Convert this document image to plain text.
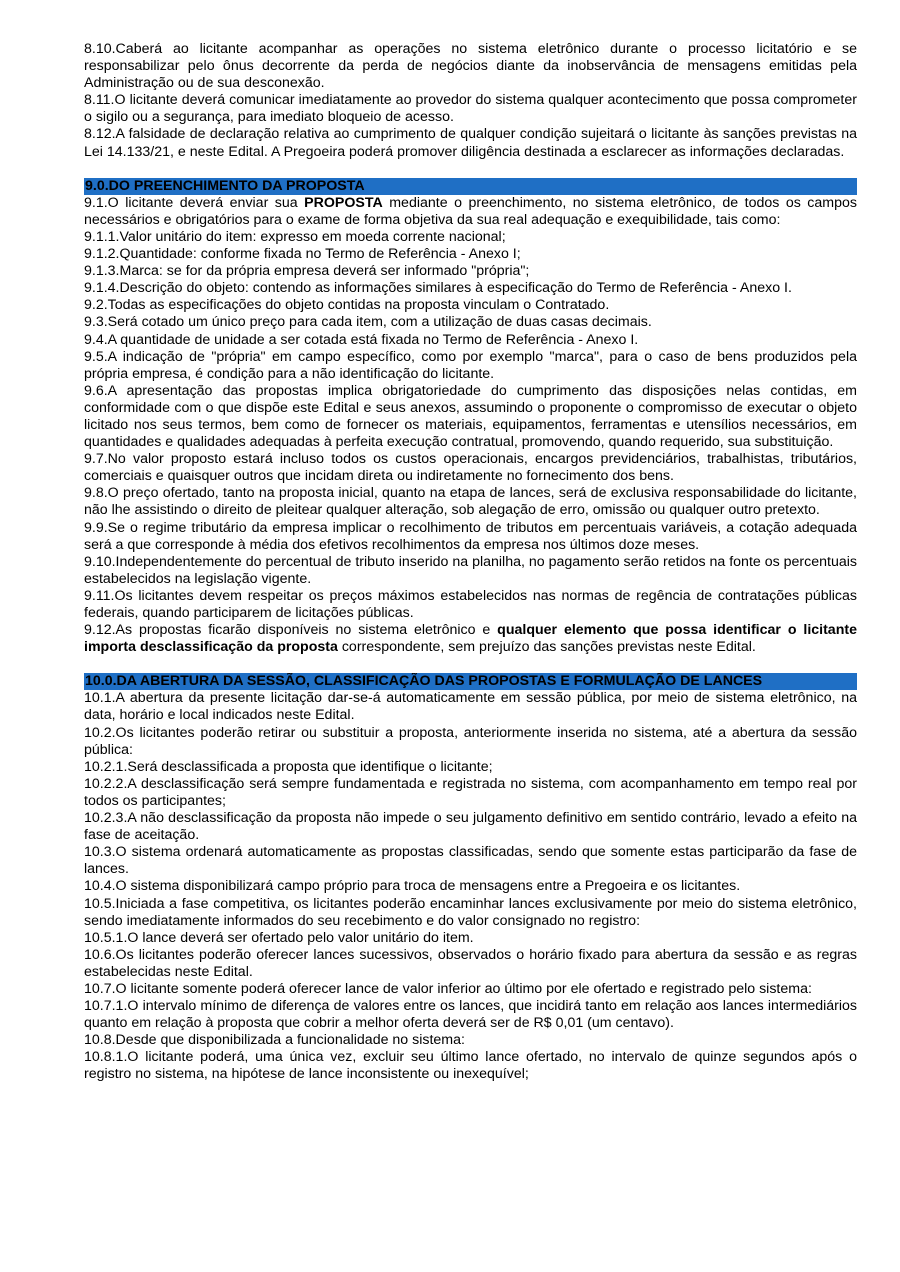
8.10.Caberá ao licitante acompanhar as operações no sistema eletrônico durante o processo licitatório e se responsabilizar pelo ônus decorrente da perda de negócios diante da inobservância de mensagens emitidas pela Administração ou de sua desconexão.

8.11.O licitante deverá comunicar imediatamente ao provedor do sistema qualquer acontecimento que possa comprometer o sigilo ou a segurança, para imediato bloqueio de acesso.

8.12.A falsidade de declaração relativa ao cumprimento de qualquer condição sujeitará o licitante às sanções previstas na Lei 14.133/21, e neste Edital. A Pregoeira poderá promover diligência destinada a esclarecer as informações declaradas.

9.0.DO PREENCHIMENTO DA PROPOSTA

9.1.O licitante deverá enviar sua PROPOSTA mediante o preenchimento, no sistema eletrônico, de todos os campos necessários e obrigatórios para o exame de forma objetiva da sua real adequação e exequibilidade, tais como:

9.1.1.Valor unitário do item: expresso em moeda corrente nacional;

9.1.2.Quantidade: conforme fixada no Termo de Referência - Anexo I;

9.1.3.Marca: se for da própria empresa deverá ser informado "própria";

9.1.4.Descrição do objeto: contendo as informações similares à especificação do Termo de Referência - Anexo I.

9.2.Todas as especificações do objeto contidas na proposta vinculam o Contratado.

9.3.Será cotado um único preço para cada item, com a utilização de duas casas decimais.

9.4.A quantidade de unidade a ser cotada está fixada no Termo de Referência - Anexo I.

9.5.A indicação de "própria" em campo específico, como por exemplo "marca", para o caso de bens produzidos pela própria empresa, é condição para a não identificação do licitante.

9.6.A apresentação das propostas implica obrigatoriedade do cumprimento das disposições nelas contidas, em conformidade com o que dispõe este Edital e seus anexos, assumindo o proponente o compromisso de executar o objeto licitado nos seus termos, bem como de fornecer os materiais, equipamentos, ferramentas e utensílios necessários, em quantidades e qualidades adequadas à perfeita execução contratual, promovendo, quando requerido, sua substituição.

9.7.No valor proposto estará incluso todos os custos operacionais, encargos previdenciários, trabalhistas, tributários, comerciais e quaisquer outros que incidam direta ou indiretamente no fornecimento dos bens.

9.8.O preço ofertado, tanto na proposta inicial, quanto na etapa de lances, será de exclusiva responsabilidade do licitante, não lhe assistindo o direito de pleitear qualquer alteração, sob alegação de erro, omissão ou qualquer outro pretexto.

9.9.Se o regime tributário da empresa implicar o recolhimento de tributos em percentuais variáveis, a cotação adequada será a que corresponde à média dos efetivos recolhimentos da empresa nos últimos doze meses.

9.10.Independentemente do percentual de tributo inserido na planilha, no pagamento serão retidos na fonte os percentuais estabelecidos na legislação vigente.

9.11.Os licitantes devem respeitar os preços máximos estabelecidos nas normas de regência de contratações públicas federais, quando participarem de licitações públicas.

9.12.As propostas ficarão disponíveis no sistema eletrônico e qualquer elemento que possa identificar o licitante importa desclassificação da proposta correspondente, sem prejuízo das sanções previstas neste Edital.

10.0.DA ABERTURA DA SESSÃO, CLASSIFICAÇÃO DAS PROPOSTAS E FORMULAÇÃO DE LANCES

10.1.A abertura da presente licitação dar-se-á automaticamente em sessão pública, por meio de sistema eletrônico, na data, horário e local indicados neste Edital.

10.2.Os licitantes poderão retirar ou substituir a proposta, anteriormente inserida no sistema, até a abertura da sessão pública:

10.2.1.Será desclassificada a proposta que identifique o licitante;

10.2.2.A desclassificação será sempre fundamentada e registrada no sistema, com acompanhamento em tempo real por todos os participantes;

10.2.3.A não desclassificação da proposta não impede o seu julgamento definitivo em sentido contrário, levado a efeito na fase de aceitação.

10.3.O sistema ordenará automaticamente as propostas classificadas, sendo que somente estas participarão da fase de lances.

10.4.O sistema disponibilizará campo próprio para troca de mensagens entre a Pregoeira e os licitantes.

10.5.Iniciada a fase competitiva, os licitantes poderão encaminhar lances exclusivamente por meio do sistema eletrônico, sendo imediatamente informados do seu recebimento e do valor consignado no registro:

10.5.1.O lance deverá ser ofertado pelo valor unitário do item.

10.6.Os licitantes poderão oferecer lances sucessivos, observados o horário fixado para abertura da sessão e as regras estabelecidas neste Edital.

10.7.O licitante somente poderá oferecer lance de valor inferior ao último por ele ofertado e registrado pelo sistema:

10.7.1.O intervalo mínimo de diferença de valores entre os lances, que incidirá tanto em relação aos lances intermediários quanto em relação à proposta que cobrir a melhor oferta deverá ser de R$ 0,01 (um centavo).

10.8.Desde que disponibilizada a funcionalidade no sistema:

10.8.1.O licitante poderá, uma única vez, excluir seu último lance ofertado, no intervalo de quinze segundos após o registro no sistema, na hipótese de lance inconsistente ou inexequível;
